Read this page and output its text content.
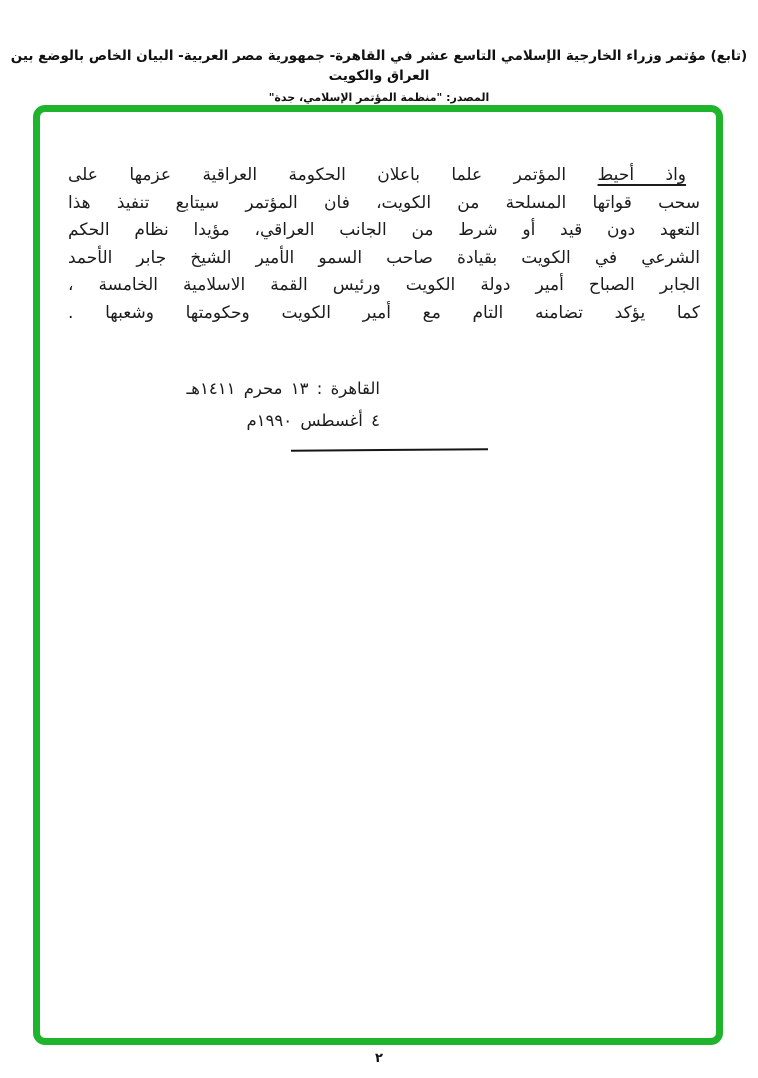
(تابع) مؤتمر وزراء الخارجية الإسلامي التاسع عشر في القاهرة- جمهورية مصر العربية- البيان الخاص بالوضع بين العراق والكويت
المصدر: "منظمة المؤتمر الإسلامي، جدة"
واذ أحيط المؤتمر علما باعلان الحكومة العراقية عزمها على
سحب قواتها المسلحة من الكويت، فان المؤتمر سيتابع تنفيذ هذا
التعهد دون قيد أو شرط من الجانب العراقي، مؤيدا نظام الحكم
الشرعي في الكويت بقيادة صاحب السمو الأمير الشيخ جابر الأحمد
الجابر الصباح أمير دولة الكويت ورئيس القمة الاسلامية الخامسة ،
كما يؤكد تضامنه التام مع أمير الكويت وحكومتها وشعبها .
القاهرة : ١٣ محرم ١٤١١هـ
٤ أغسطس ١٩٩٠م
٢
